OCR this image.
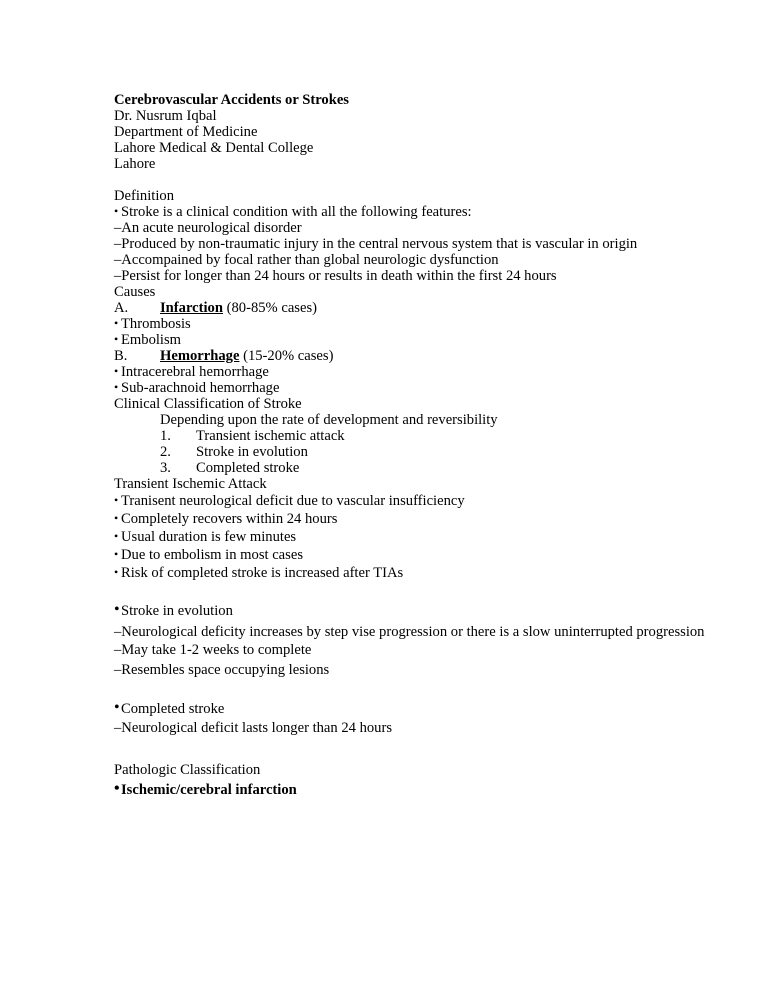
Cerebrovascular Accidents or Strokes
Dr. Nusrum Iqbal
Department of Medicine
Lahore Medical & Dental College
Lahore
Definition
• Stroke is a clinical condition with all the following features:
–An acute neurological disorder
–Produced by non-traumatic injury in the central nervous system that is vascular in origin
–Accompained by focal rather than global neurologic dysfunction
–Persist for longer than 24 hours or results in death within the first 24 hours
Causes
A. Infarction (80-85% cases)
• Thrombosis
• Embolism
B. Hemorrhage (15-20% cases)
• Intracerebral hemorrhage
• Sub-arachnoid hemorrhage
Clinical Classification of Stroke
Depending upon the rate of development and reversibility
1. Transient ischemic attack
2. Stroke in evolution
3. Completed stroke
Transient Ischemic Attack
• Tranisent neurological deficit due to vascular insufficiency
• Completely recovers within 24 hours
• Usual duration is few minutes
• Due to embolism in most cases
• Risk of completed stroke is increased after TIAs
•Stroke in evolution
–Neurological deficity increases by step vise progression or there is a slow uninterrupted progression
–May take 1-2 weeks to complete
–Resembles space occupying lesions
•Completed stroke
–Neurological deficit lasts longer than 24 hours
Pathologic Classification
•Ischemic/cerebral infarction
